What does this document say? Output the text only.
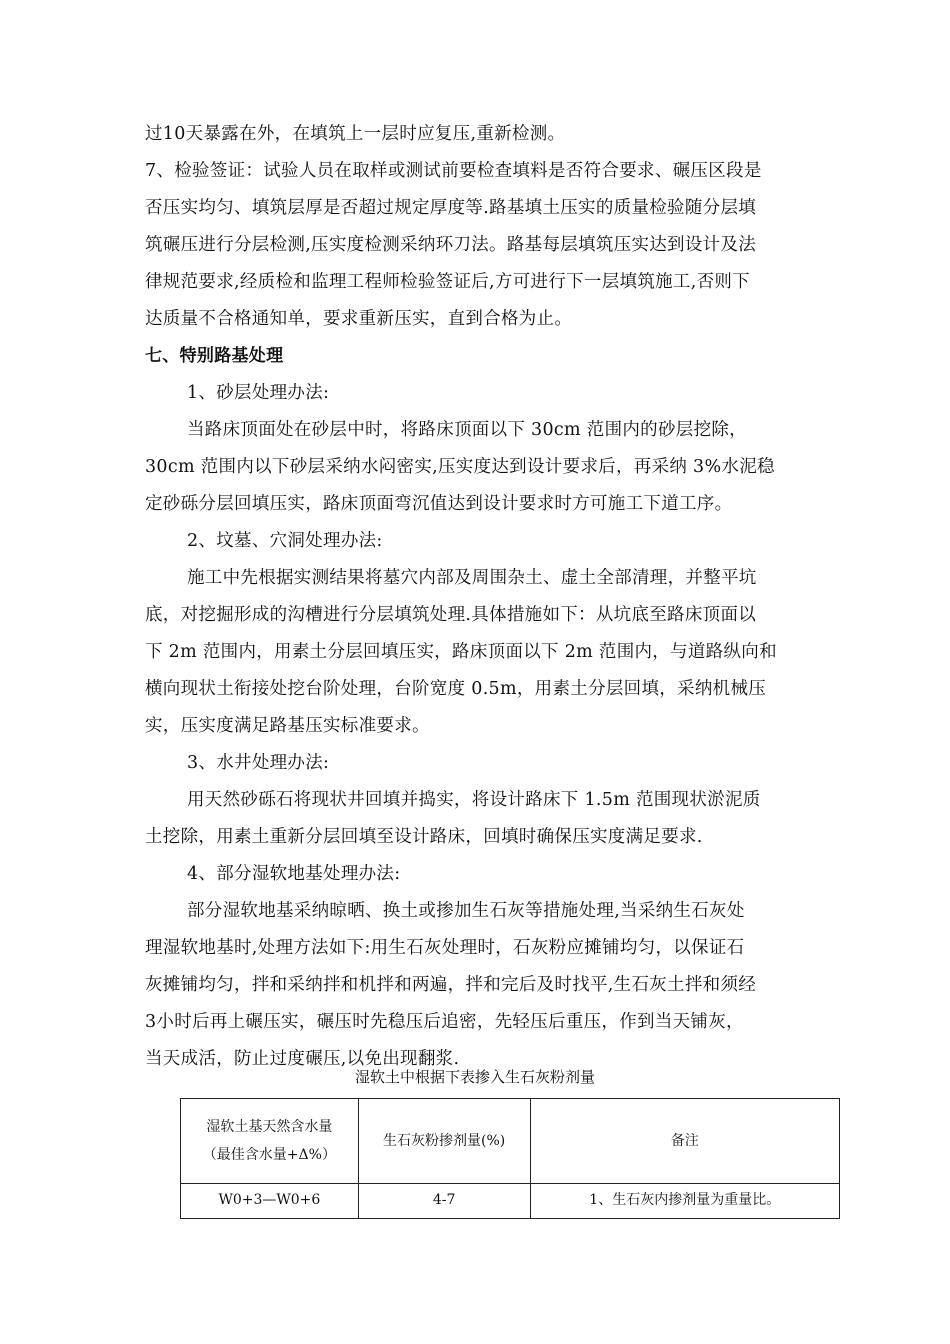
过10天暴露在外，在填筑上一层时应复压,重新检测。
7、检验签证：试验人员在取样或测试前要检查填料是否符合要求、碾压区段是
否压实均匀、填筑层厚是否超过规定厚度等.路基填土压实的质量检验随分层填
筑碾压进行分层检测,压实度检测采纳环刀法。路基每层填筑压实达到设计及法
律规范要求,经质检和监理工程师检验签证后,方可进行下一层填筑施工,否则下
达质量不合格通知单，要求重新压实，直到合格为止。
七、特别路基处理
1、砂层处理办法:
当路床顶面处在砂层中时，将路床顶面以下 30cm 范围内的砂层挖除，
30cm 范围内以下砂层采纳水闷密实,压实度达到设计要求后，再采纳 3%水泥稳
定砂砾分层回填压实，路床顶面弯沉值达到设计要求时方可施工下道工序。
2、坟墓、穴洞处理办法:
施工中先根据实测结果将墓穴内部及周围杂土、虚土全部清理，并整平坑
底，对挖掘形成的沟槽进行分层填筑处理.具体措施如下：从坑底至路床顶面以
下 2m 范围内，用素土分层回填压实，路床顶面以下 2m 范围内，与道路纵向和
横向现状土衔接处挖台阶处理，台阶宽度 0.5m，用素土分层回填，采纳机械压
实，压实度满足路基压实标准要求。
3、水井处理办法:
用天然砂砾石将现状井回填并捣实，将设计路床下 1.5m 范围现状淤泥质
土挖除，用素土重新分层回填至设计路床，回填时确保压实度满足要求.
4、部分湿软地基处理办法:
部分湿软地基采纳晾晒、换土或掺加生石灰等措施处理,当采纳生石灰处
理湿软地基时,处理方法如下:用生石灰处理时，石灰粉应摊铺均匀，以保证石
灰摊铺均匀，拌和采纳拌和机拌和两遍，拌和完后及时找平,生石灰土拌和须经
3小时后再上碾压实，碾压时先稳压后追密，先轻压后重压，作到当天铺灰，
当天成活，防止过度碾压,以免出现翻浆.
湿软土中根据下表掺入生石灰粉剂量
湿软土基天然含水量
（最佳含水量+Δ%）	生石灰粉掺剂量(%)	备注
W0+3—W0+6	4-7	1、生石灰内掺剂量为重量比。
